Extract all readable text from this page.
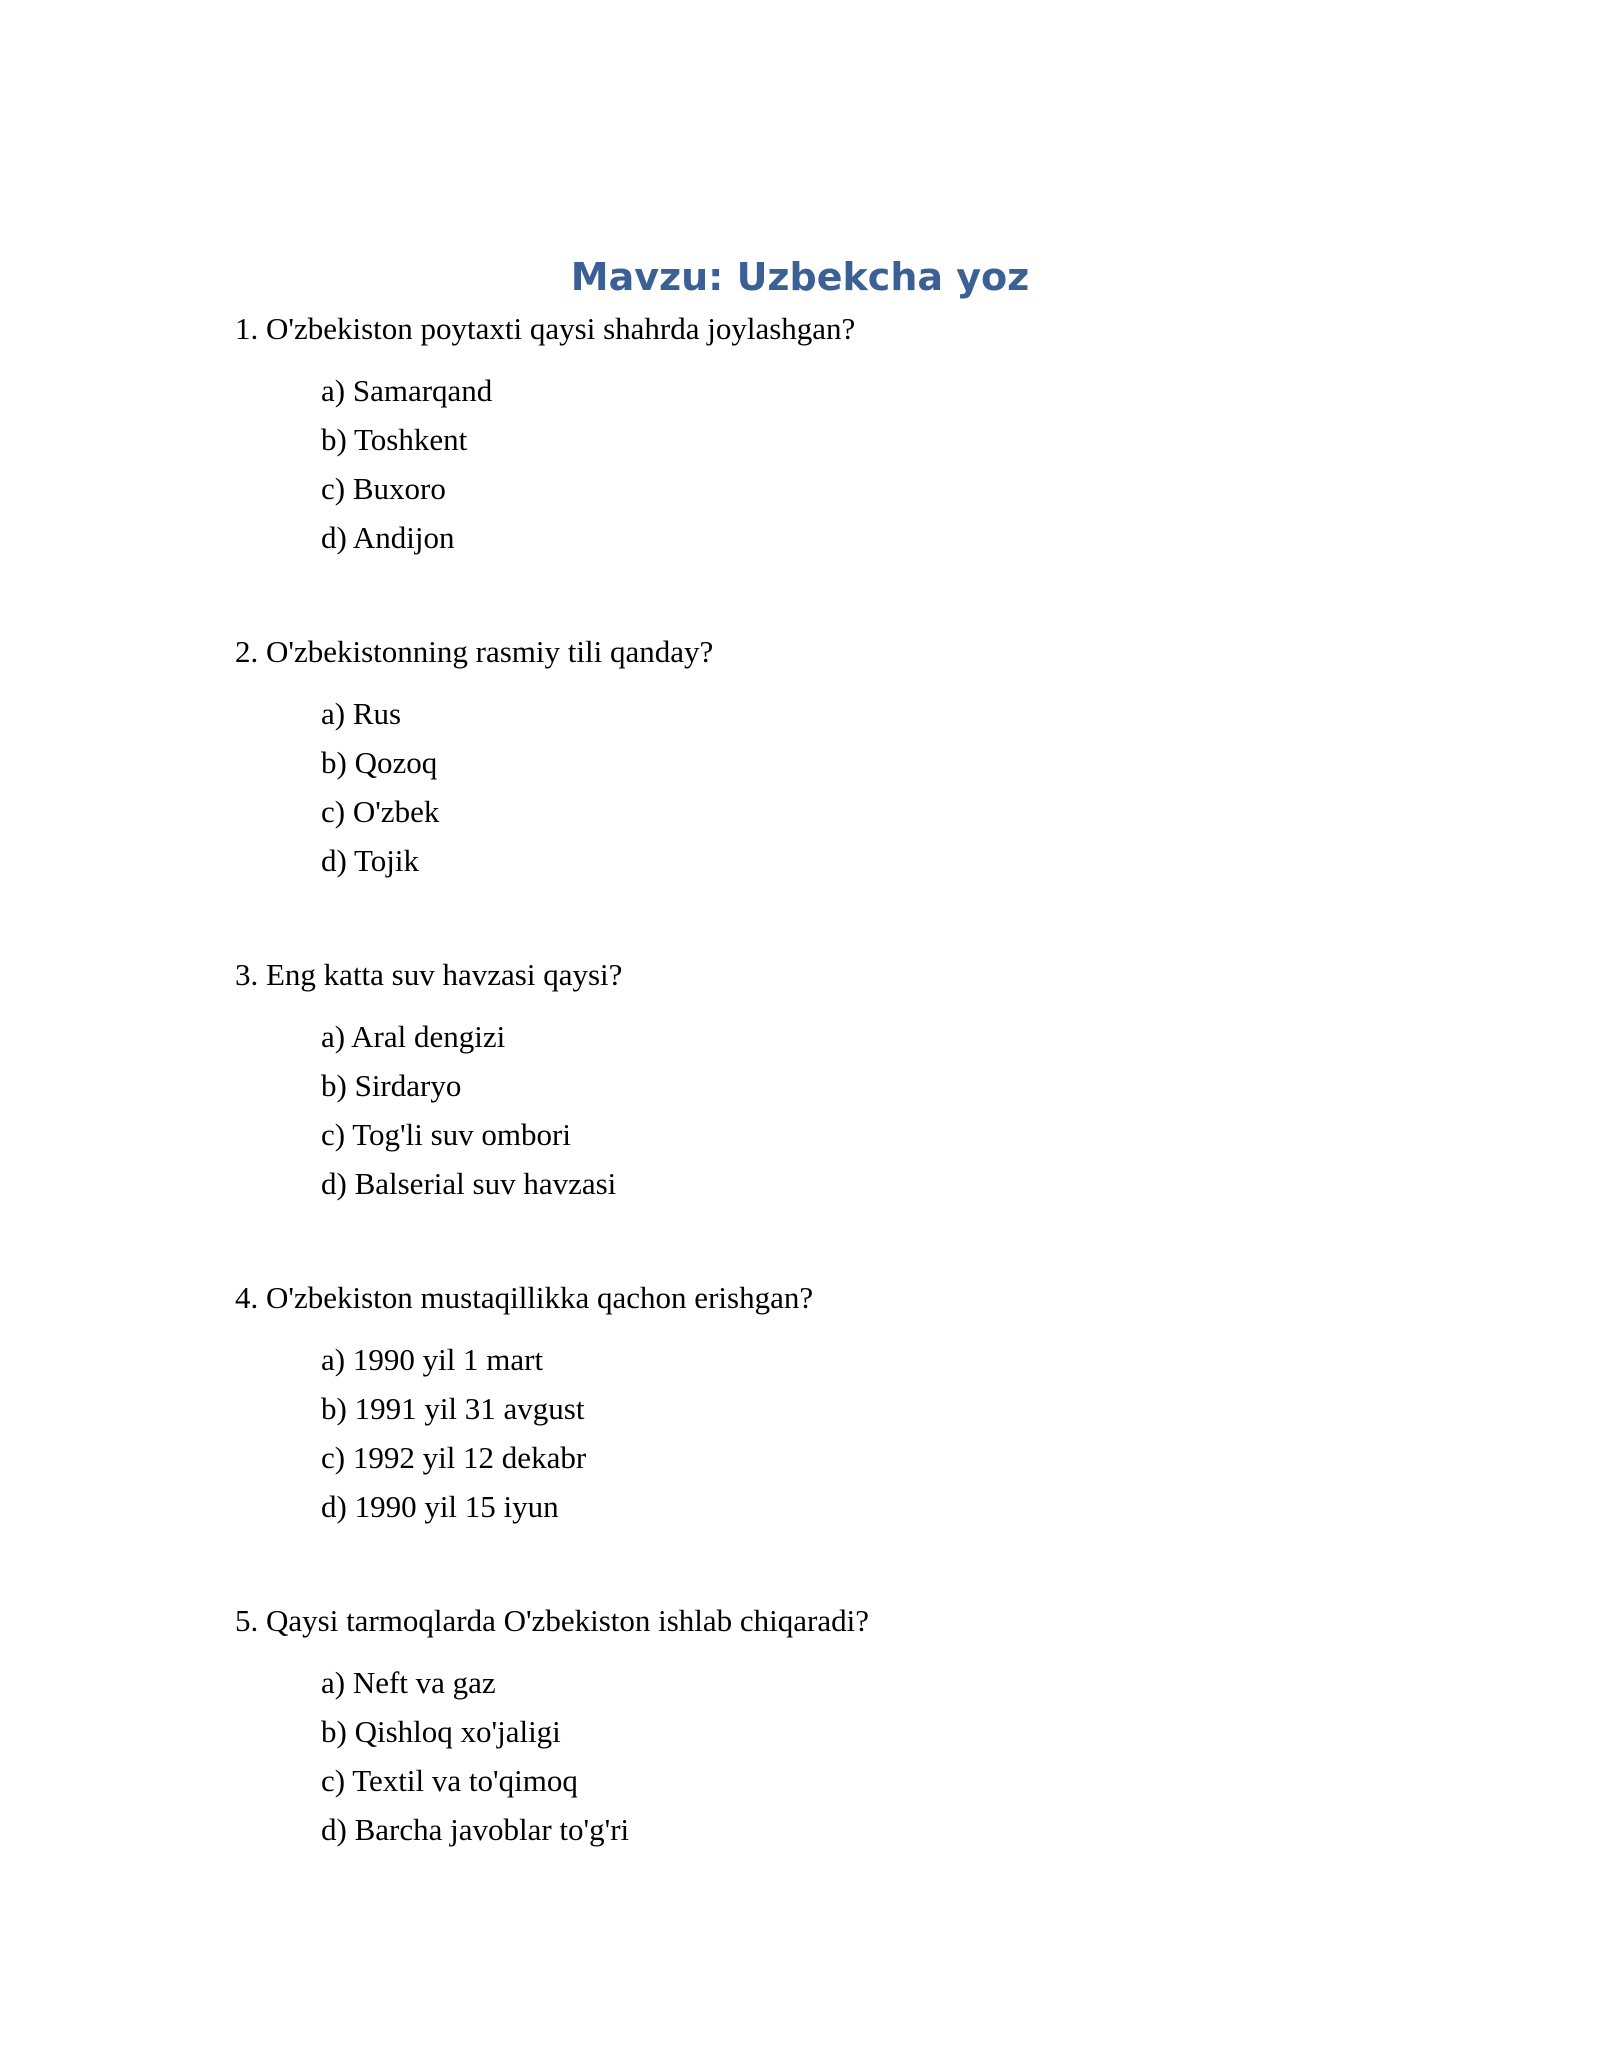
Mavzu: Uzbekcha yoz

1. O'zbekiston poytaxti qaysi shahrda joylashgan?

a) Samarqand
b) Toshkent
c) Buxoro
d) Andijon

2. O'zbekistonning rasmiy tili qanday?

a) Rus
b) Qozoq
c) O'zbek
d) Tojik

3. Eng katta suv havzasi qaysi?

a) Aral dengizi
b) Sirdaryo
c) Tog'li suv ombori
d) Balserial suv havzasi

4. O'zbekiston mustaqillikka qachon erishgan?

a) 1990 yil 1 mart
b) 1991 yil 31 avgust
c) 1992 yil 12 dekabr
d) 1990 yil 15 iyun

5. Qaysi tarmoqlarda O'zbekiston ishlab chiqaradi?

a) Neft va gaz
b) Qishloq xo'jaligi
c) Textil va to'qimoq
d) Barcha javoblar to'g'ri
